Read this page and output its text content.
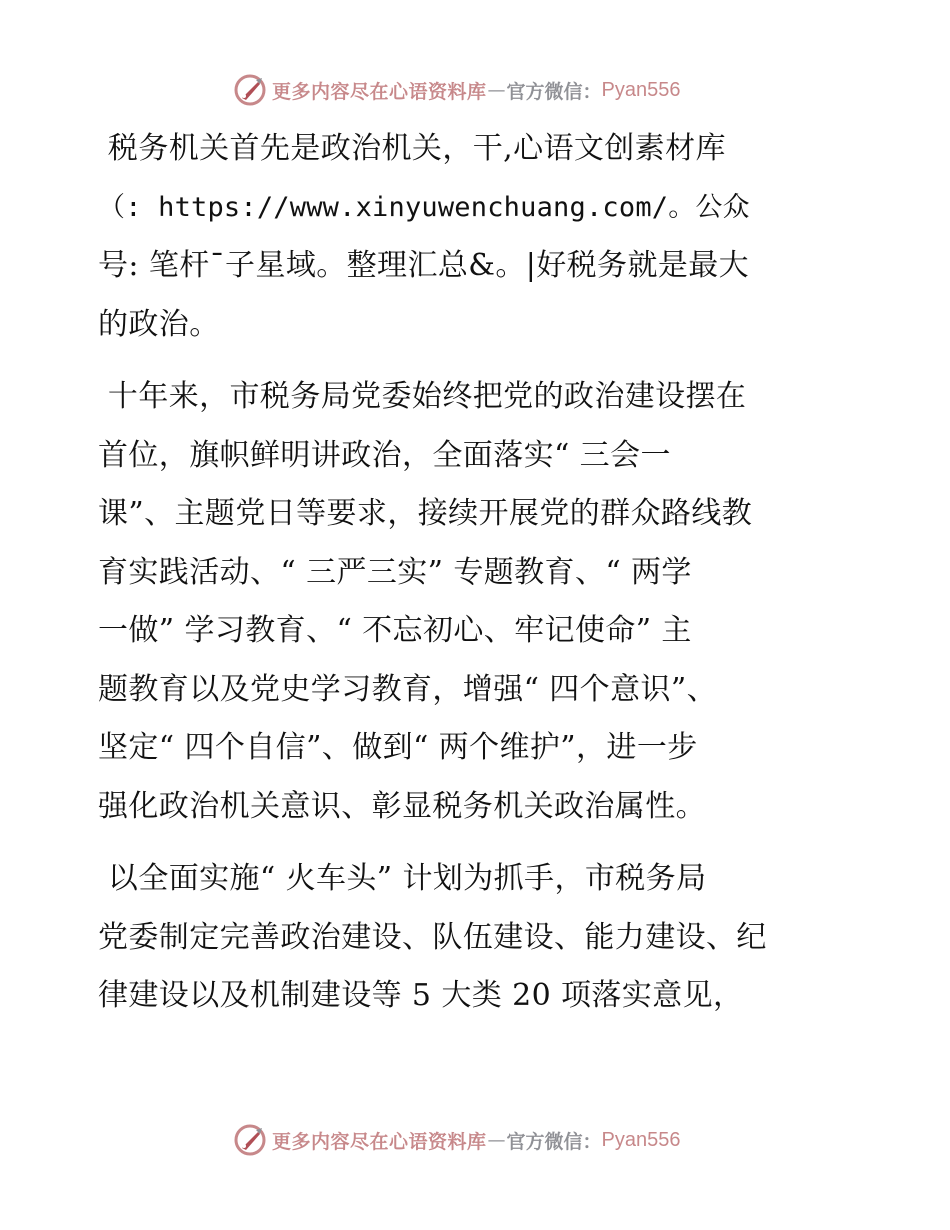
更多内容尽在心语资料库 — 官方微信： Pyan556
税务机关首先是政治机关，干,心语文创素材库
（: https://www.xinyuwenchuang.com/。公众
号: 笔杆¯子星域。整理汇总&。|好税务就是最大
的政治。
十年来，市税务局党委始终把党的政治建设摆在
首位，旗帜鲜明讲政治，全面落实“ 三会一
课”、主题党日等要求，接续开展党的群众路线教
育实践活动、“ 三严三实” 专题教育、“ 两学
一做” 学习教育、“ 不忘初心、牢记使命” 主
题教育以及党史学习教育，增强“ 四个意识”、
坚定“ 四个自信”、做到“ 两个维护”，进一步
强化政治机关意识、彰显税务机关政治属性。
以全面实施“ 火车头” 计划为抓手，市税务局
党委制定完善政治建设、队伍建设、能力建设、纪
律建设以及机制建设等 5 大类 20 项落实意见，
更多内容尽在心语资料库 — 官方微信： Pyan556
